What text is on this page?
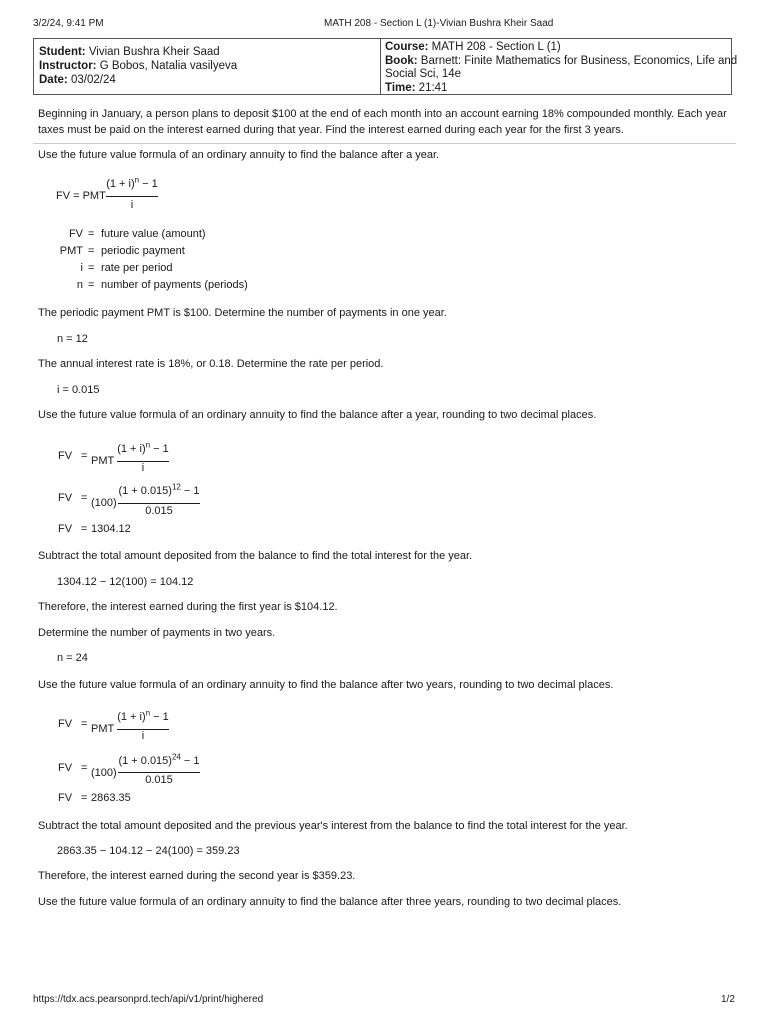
3/2/24, 9:41 PM	MATH 208 - Section L (1)-Vivian Bushra Kheir Saad
Student: Vivian Bushra Kheir Saad
Instructor: G Bobos, Natalia vasilyeva
Date: 03/02/24
Course: MATH 208 - Section L (1)
Book: Barnett: Finite Mathematics for Business, Economics, Life and
Social Sci, 14e
Time: 21:41
Beginning in January, a person plans to deposit $100 at the end of each month into an account earning 18% compounded monthly. Each year
taxes must be paid on the interest earned during that year. Find the interest earned during each year for the first 3 years.
Use the future value formula of an ordinary annuity to find the balance after a year.
FV = PMT
$(1 + i)^n - 1$
i
FV = future value (amount)
PMT = periodic payment
i = rate per period
n = number of payments (periods)
The periodic payment PMT is $100. Determine the number of payments in one year.
n = 12
The annual interest rate is 18%, or 0.18. Determine the rate per period.
i = 0.015
Use the future value formula of an ordinary annuity to find the balance after a year, rounding to two decimal places.
FV = PMT
$(1 + i)^n - 1$
i
FV = (100)
$(1 + 0.015)^{12} - 1$
0.015
FV = 1304.12
Subtract the total amount deposited from the balance to find the total interest for the year.
1304.12 − 12(100) = 104.12
Therefore, the interest earned during the first year is $104.12.
Determine the number of payments in two years.
n = 24
Use the future value formula of an ordinary annuity to find the balance after two years, rounding to two decimal places.
FV = PMT
$(1 + i)^n - 1$
i
FV = (100)
$(1 + 0.015)^{24} - 1$
0.015
FV = 2863.35
Subtract the total amount deposited and the previous year's interest from the balance to find the total interest for the year.
2863.35 − 104.12 − 24(100) = 359.23
Therefore, the interest earned during the second year is $359.23.
Use the future value formula of an ordinary annuity to find the balance after three years, rounding to two decimal places.
https://tdx.acs.pearsonprd.tech/api/v1/print/highered	1/2
